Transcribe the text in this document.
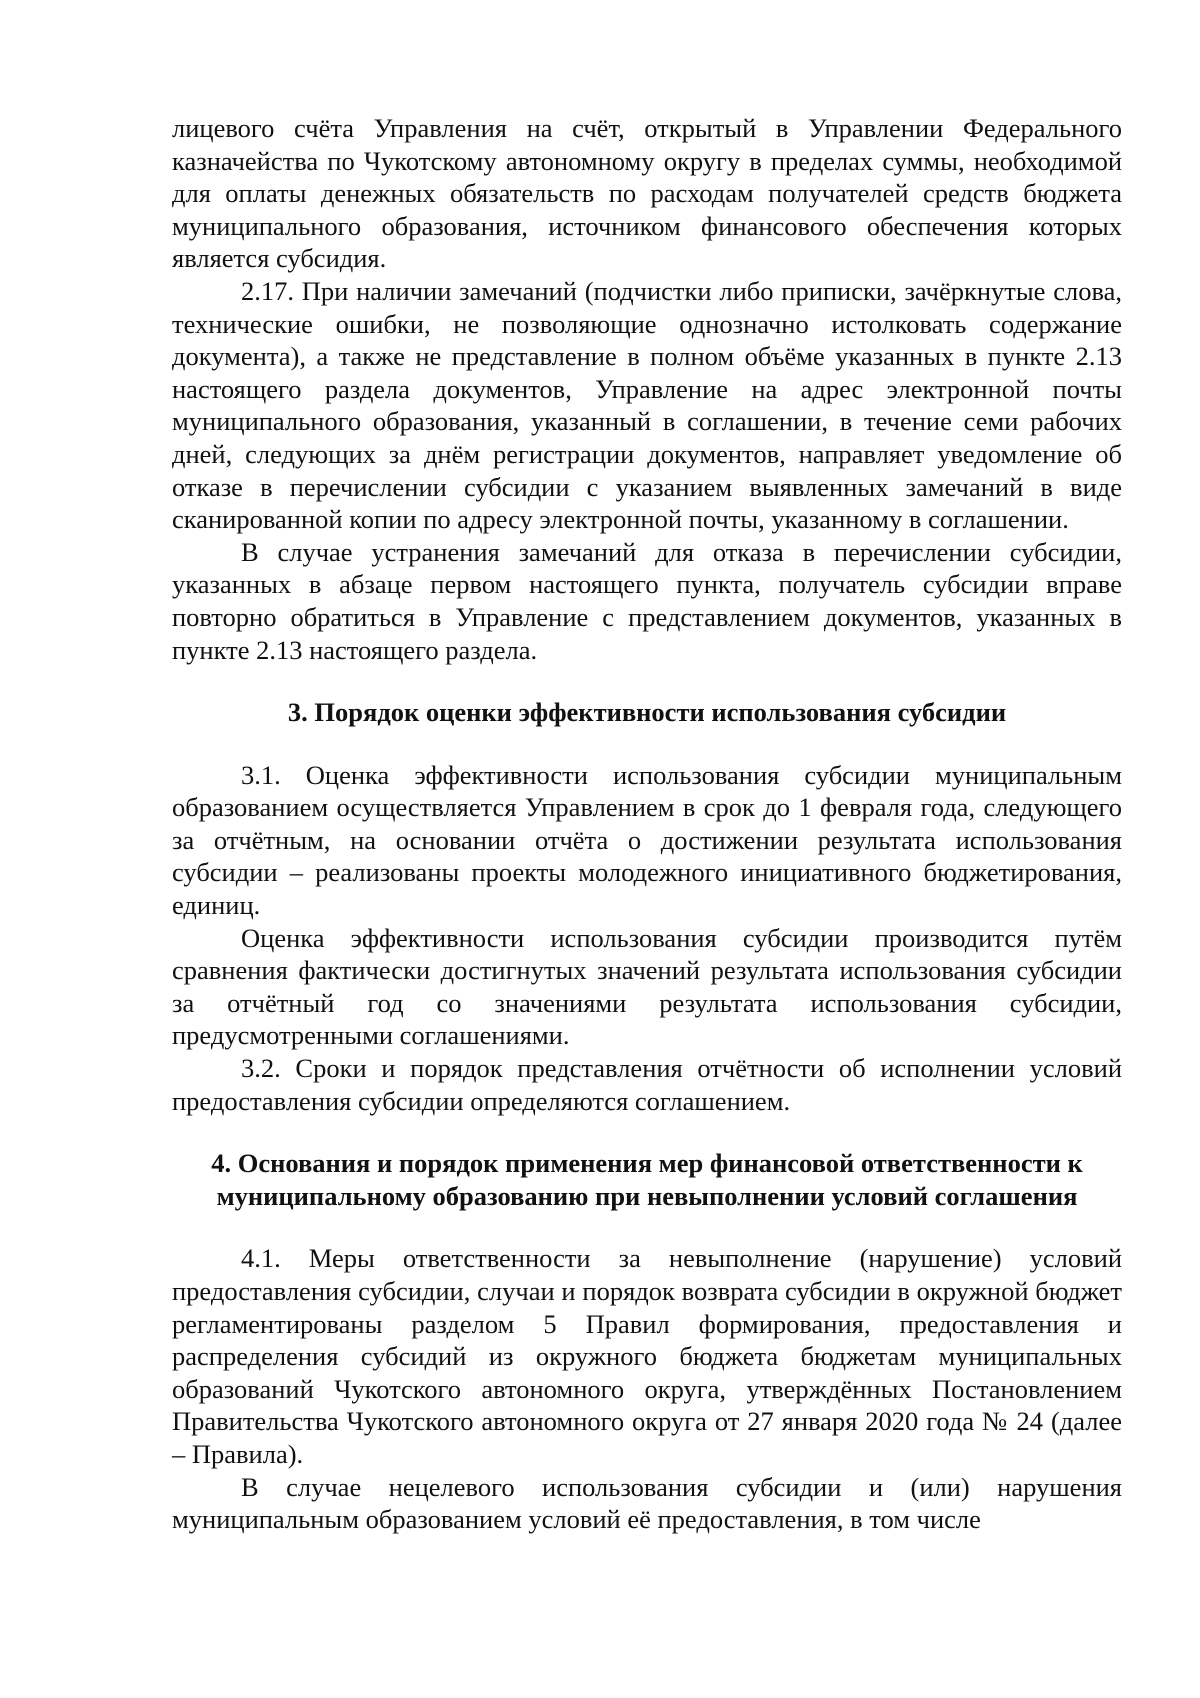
лицевого счёта Управления на счёт, открытый в Управлении Федерального казначейства по Чукотскому автономному округу в пределах суммы, необходимой для оплаты денежных обязательств по расходам получателей средств бюджета муниципального образования, источником финансового обеспечения которых является субсидия.

2.17. При наличии замечаний (подчистки либо приписки, зачёркнутые слова, технические ошибки, не позволяющие однозначно истолковать содержание документа), а также не представление в полном объёме указанных в пункте 2.13 настоящего раздела документов, Управление на адрес электронной почты муниципального образования, указанный в соглашении, в течение семи рабочих дней, следующих за днём регистрации документов, направляет уведомление об отказе в перечислении субсидии с указанием выявленных замечаний в виде сканированной копии по адресу электронной почты, указанному в соглашении.

В случае устранения замечаний для отказа в перечислении субсидии, указанных в абзаце первом настоящего пункта, получатель субсидии вправе повторно обратиться в Управление с представлением документов, указанных в пункте 2.13 настоящего раздела.

3. Порядок оценки эффективности использования субсидии

3.1. Оценка эффективности использования субсидии муниципальным образованием осуществляется Управлением в срок до 1 февраля года, следующего за отчётным, на основании отчёта о достижении результата использования субсидии – реализованы проекты молодежного инициативного бюджетирования, единиц.

Оценка эффективности использования субсидии производится путём сравнения фактически достигнутых значений результата использования субсидии за отчётный год со значениями результата использования субсидии, предусмотренными соглашениями.

3.2. Сроки и порядок представления отчётности об исполнении условий предоставления субсидии определяются соглашением.

4. Основания и порядок применения мер финансовой ответственности к
муниципальному образованию при невыполнении условий соглашения

4.1. Меры ответственности за невыполнение (нарушение) условий предоставления субсидии, случаи и порядок возврата субсидии в окружной бюджет регламентированы разделом 5 Правил формирования, предоставления и распределения субсидий из окружного бюджета бюджетам муниципальных образований Чукотского автономного округа, утверждённых Постановлением Правительства Чукотского автономного округа от 27 января 2020 года № 24 (далее – Правила).

В случае нецелевого использования субсидии и (или) нарушения муниципальным образованием условий её предоставления, в том числе
